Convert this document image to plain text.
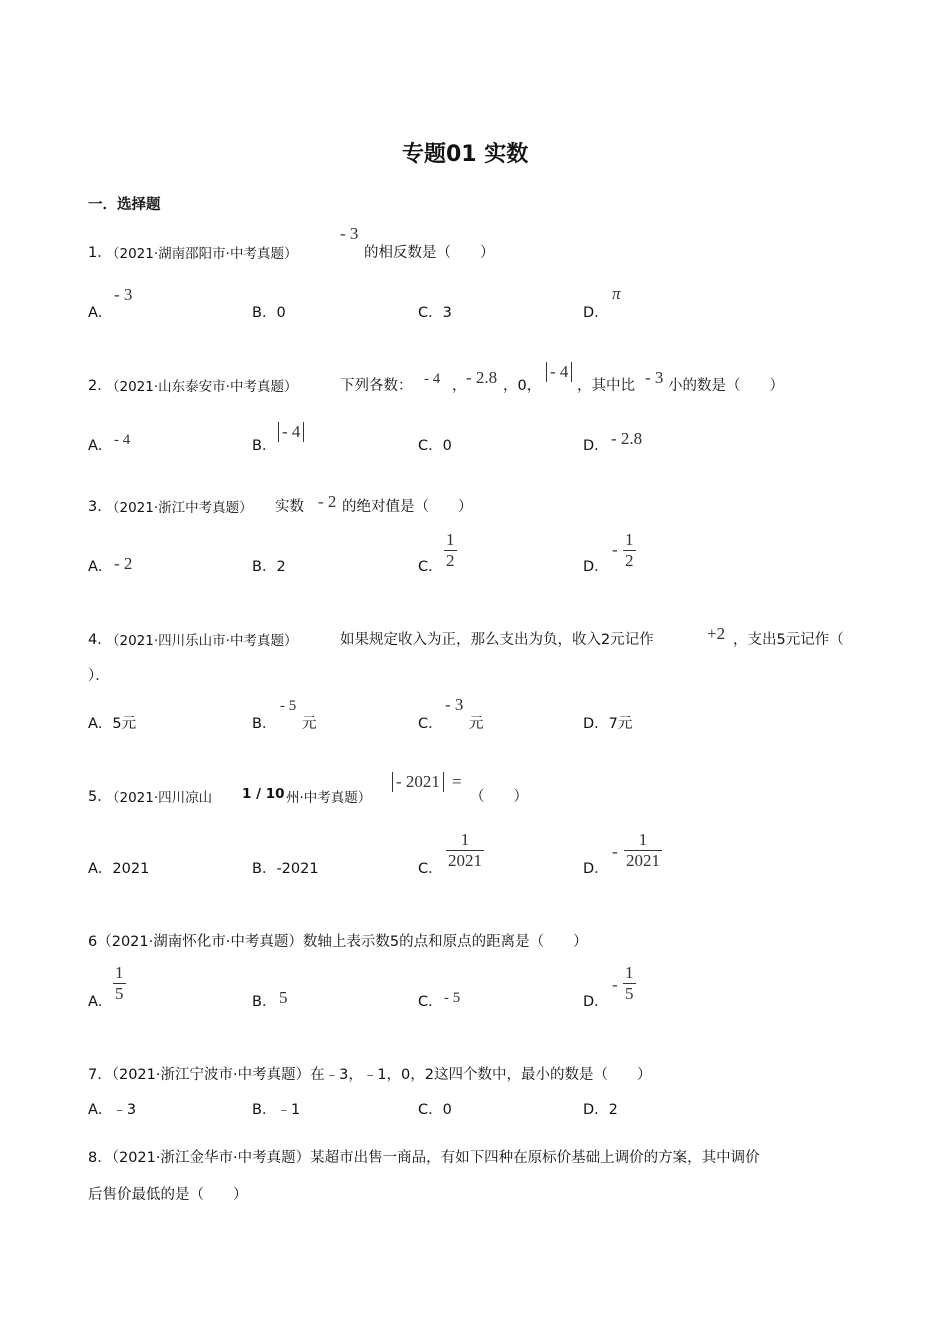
专题01 实数
一．选择题
1．
（2021·湖南邵阳市·中考真题）
- 3
的相反数是（　　）
A．
- 3
B．0	C．3	D．
π
2．
（2021·山东泰安市·中考真题）	下列各数： - 4 ， - 2.8 ，0，
- 4
，其中比 - 3 小的数是（　　）
A． - 4	B．
- 4
C．0	D． - 2.8
3．
（2021·浙江中考真题） 实数 - 2 的绝对值是（　　）
A． - 2	B．2	C． $\frac{1}{2}$	D．
- $\frac{1}{2}$
4．
（2021·四川乐山市·中考真题）	如果规定收入为正，那么支出为负，收入2元记作	+2 ，支出5元记作（
）．
A．5元	B．
- 5
元	C．
- 3
元	D．7元
5．
（2021·四川凉山 1 / 10 州·中考真题）
- 2021 =
（　　）
A．2021	B．-2021	C． $\frac{1}{2021}$	D．
- $\frac{1}{2021}$
6（2021·湖南怀化市·中考真题）数轴上表示数5的点和原点的距离是（　　）
A． $\frac{1}{5}$	B． 5	C． - 5	D．
- $\frac{1}{5}$
7．（2021·浙江宁波市·中考真题）在﹣3，﹣1，0，2这四个数中，最小的数是（　　）
A．﹣3	B．﹣1	C．0	D．2
8．（2021·浙江金华市·中考真题）某超市出售一商品，有如下四种在原标价基础上调价的方案，其中调价
后售价最低的是（　　）
